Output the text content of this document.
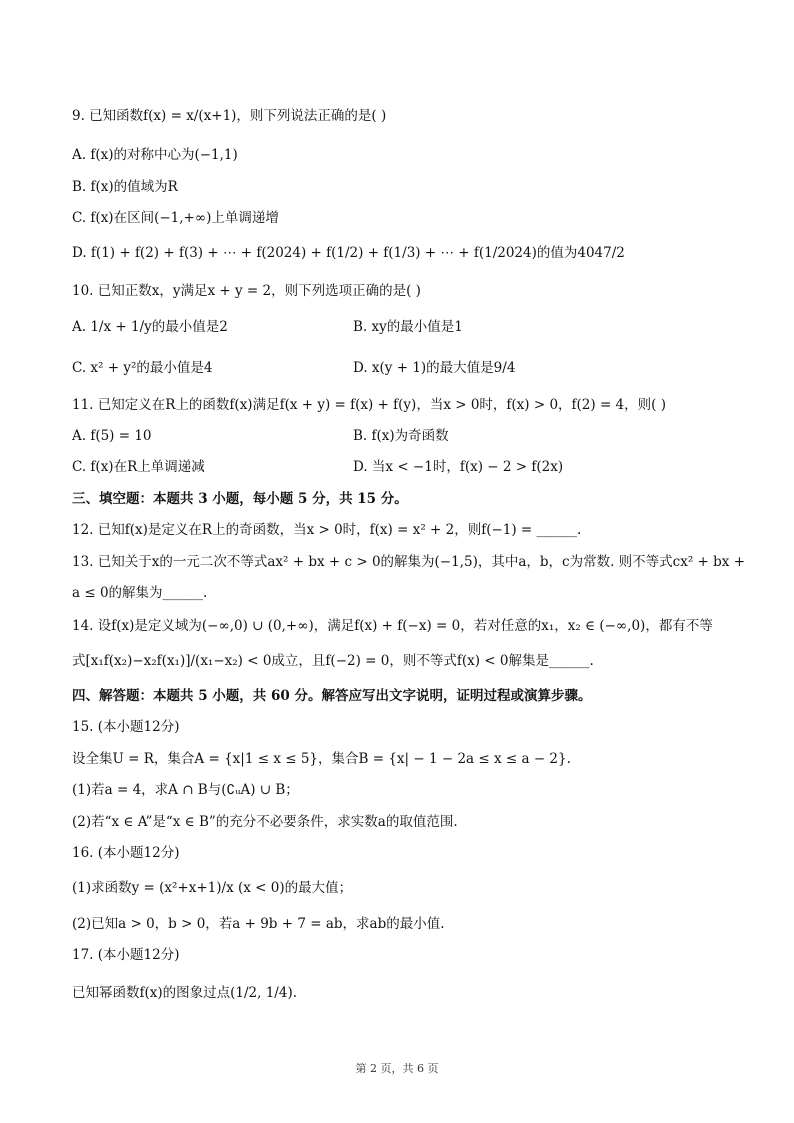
9. 已知函数f(x) = x/(x+1)，则下列说法正确的是( )
A. f(x)的对称中心为(−1,1)
B. f(x)的值域为R
C. f(x)在区间(−1,+∞)上单调递增
D. f(1) + f(2) + f(3) + ⋯ + f(2024) + f(1/2) + f(1/3) + ⋯ + f(1/2024)的值为4047/2
10. 已知正数x，y满足x + y = 2，则下列选项正确的是( )
A. 1/x + 1/y的最小值是2	B. xy的最小值是1
C. x² + y²的最小值是4	D. x(y + 1)的最大值是9/4
11. 已知定义在R上的函数f(x)满足f(x + y) = f(x) + f(y)，当x > 0时，f(x) > 0，f(2) = 4，则( )
A. f(5) = 10	B. f(x)为奇函数
C. f(x)在R上单调递减	D. 当x < −1时，f(x) − 2 > f(2x)
三、填空题：本题共 3 小题，每小题 5 分，共 15 分。
12. 已知f(x)是定义在R上的奇函数，当x > 0时，f(x) = x² + 2，则f(−1) = ______.
13. 已知关于x的一元二次不等式ax² + bx + c > 0的解集为(−1,5)，其中a，b，c为常数. 则不等式cx² + bx +
a ≤ 0的解集为______.
14. 设f(x)是定义域为(−∞,0) ∪ (0,+∞)，满足f(x) + f(−x) = 0，若对任意的x₁，x₂ ∈ (−∞,0)，都有不等
式[x₁f(x₂)−x₂f(x₁)]/(x₁−x₂) < 0成立，且f(−2) = 0，则不等式f(x) < 0解集是______.
四、解答题：本题共 5 小题，共 60 分。解答应写出文字说明，证明过程或演算步骤。
15. (本小题12分)
设全集U = R，集合A = {x|1 ≤ x ≤ 5}，集合B = {x| − 1 − 2a ≤ x ≤ a − 2}.
(1)若a = 4，求A ∩ B与(∁ᵤA) ∪ B；
(2)若“x ∈ A”是“x ∈ B”的充分不必要条件，求实数a的取值范围.
16. (本小题12分)
(1)求函数y = (x²+x+1)/x (x < 0)的最大值；
(2)已知a > 0，b > 0，若a + 9b + 7 = ab，求ab的最小值.
17. (本小题12分)
已知幂函数f(x)的图象过点(1/2, 1/4).
第 2 页，共 6 页
